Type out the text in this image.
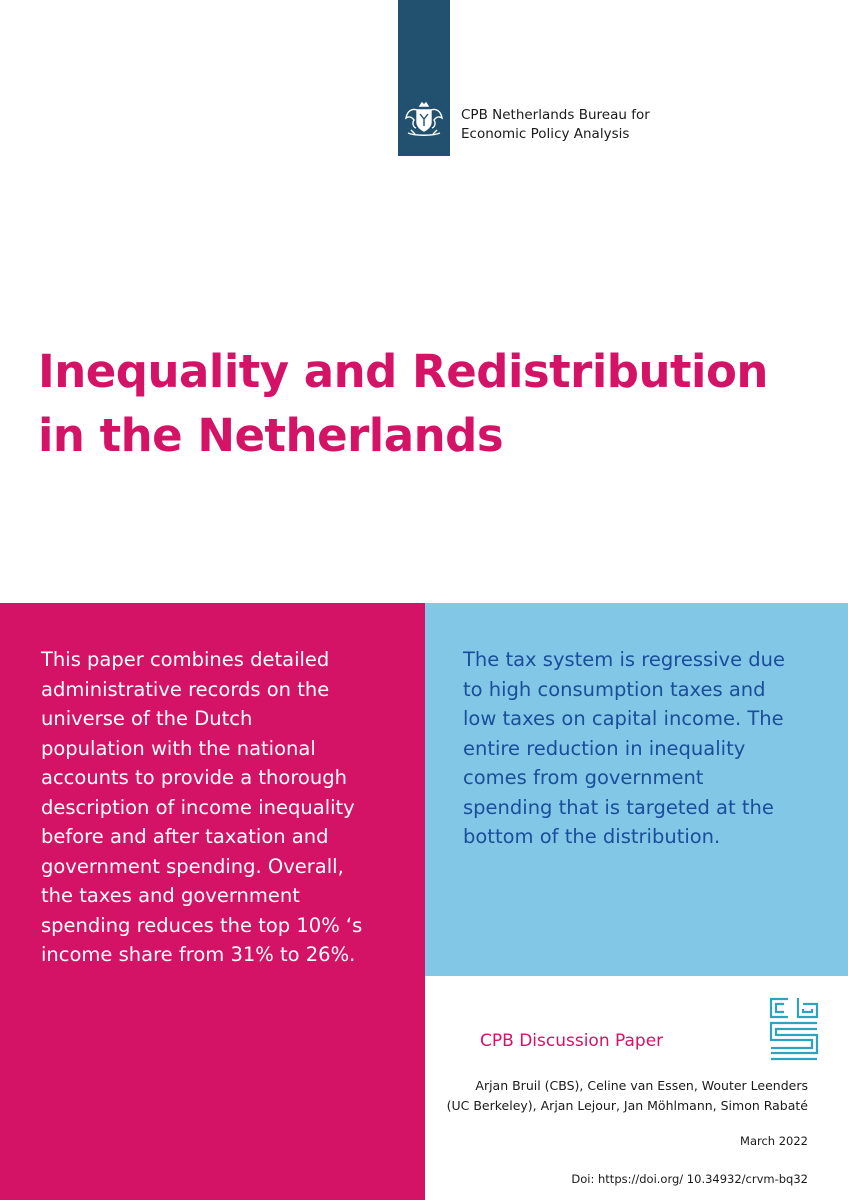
CPB Netherlands Bureau for
Economic Policy Analysis
Inequality and Redistribution
in the Netherlands
This paper combines detailed
administrative records on the
universe of the Dutch
population with the national
accounts to provide a thorough
description of income inequality
before and after taxation and
government spending. Overall,
the taxes and government
spending reduces the top 10% ‘s
income share from 31% to 26%.
The tax system is regressive due
to high consumption taxes and
low taxes on capital income. The
entire reduction in inequality
comes from government
spending that is targeted at the
bottom of the distribution.
CPB Discussion Paper
Arjan Bruil (CBS), Celine van Essen, Wouter Leenders
(UC Berkeley), Arjan Lejour, Jan Möhlmann, Simon Rabaté
March 2022
Doi: https://doi.org/ 10.34932/crvm-bq32
